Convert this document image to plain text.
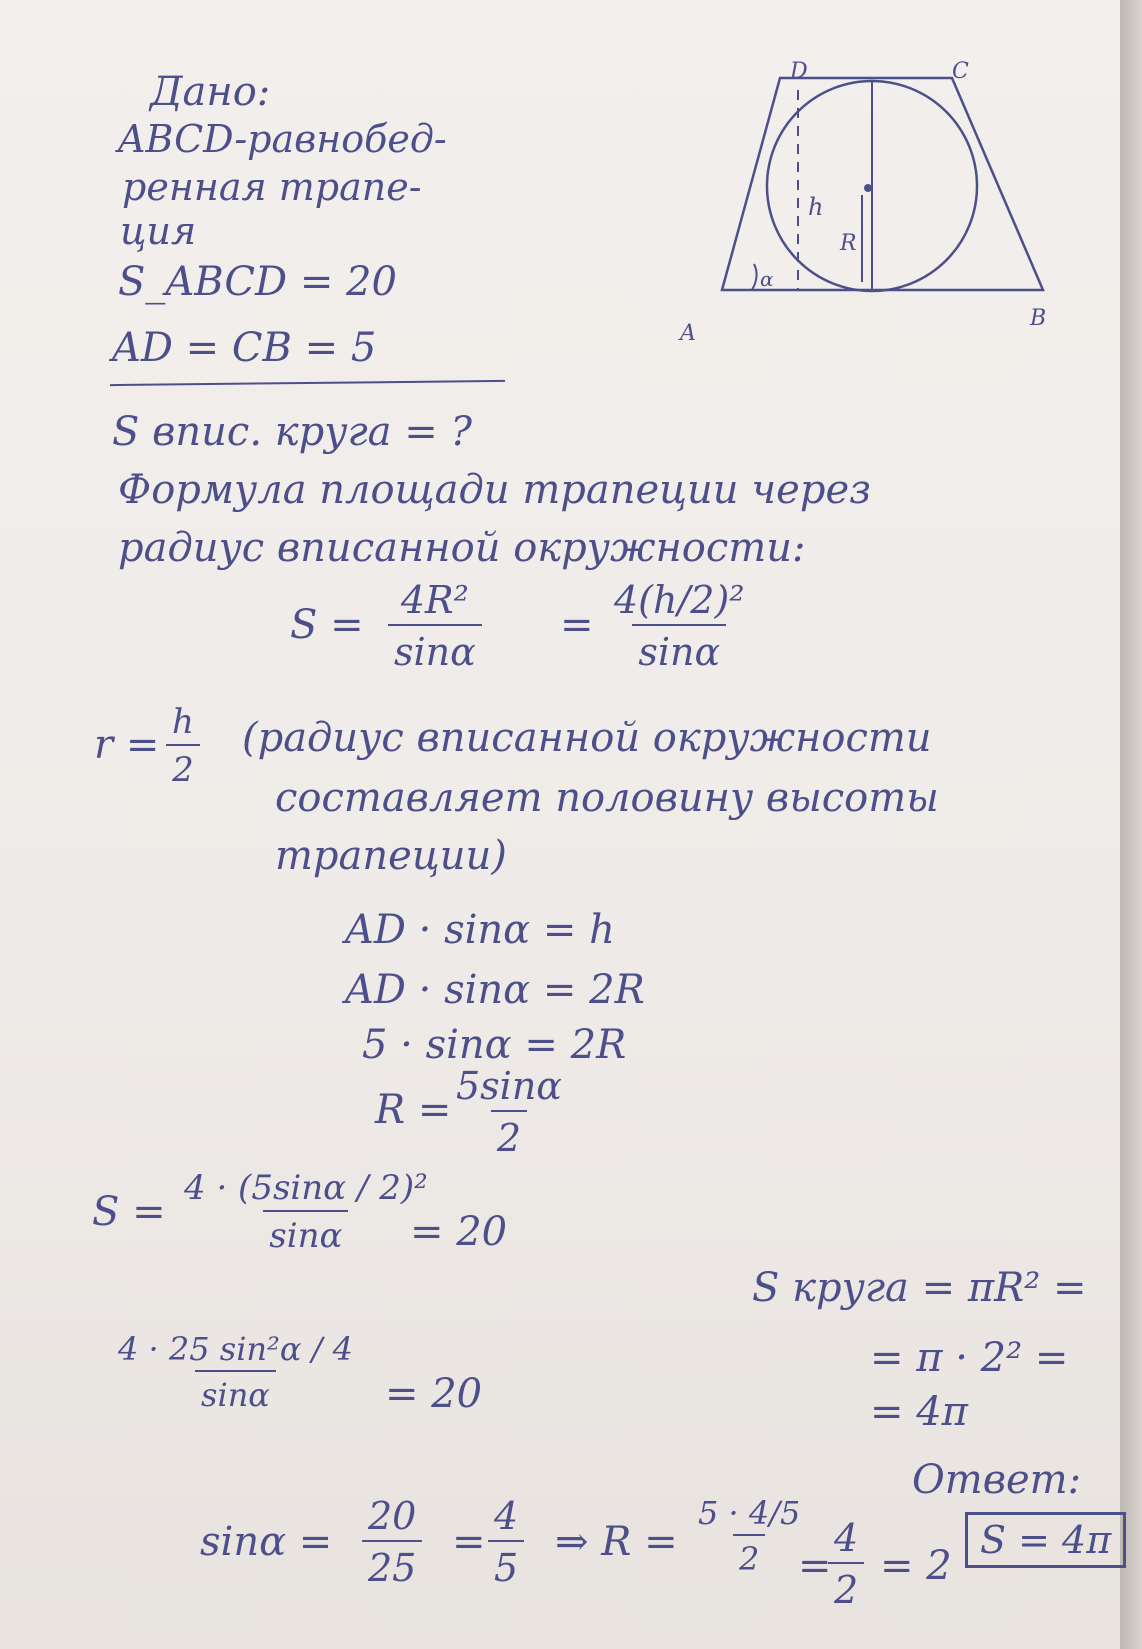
Дано:
ABCD-равнобед-
ренная трапе-
ция
S_ABCD = 20
AD = CB = 5
D	C
A
B
h
R
α
S впис. круга = ?
Формула площади трапеции через
радиус вписанной окружности:
$S = \frac{\text{4R²}}{\sin\alpha} = \frac{\text{4(h/2)²}}{\sin\alpha}$
$r = \frac{h}{2}$ (радиус вписанной окружности
составляет половину высоты
трапеции)
AD · sinα = h
AD · sinα = 2R
5 · sinα = 2R
R =
$\frac{5\sin\alpha}{2}$
$S = \frac{\text{4 · (5sinα / 2)²}}{\sin\alpha}$
= 20
$\frac{\text{4 · 25 sin²α / 4}}{\sin\alpha} = 20$
S круга = πR² =
= π · 2² =
= 4π
Ответ:
S = 4π
$\sin\alpha = \frac{20}{25} = \frac{4}{5}$ ⇒ $R = \frac{5 \cdot 4/5}{2}$
=
$\frac{4}{2} = 2$
